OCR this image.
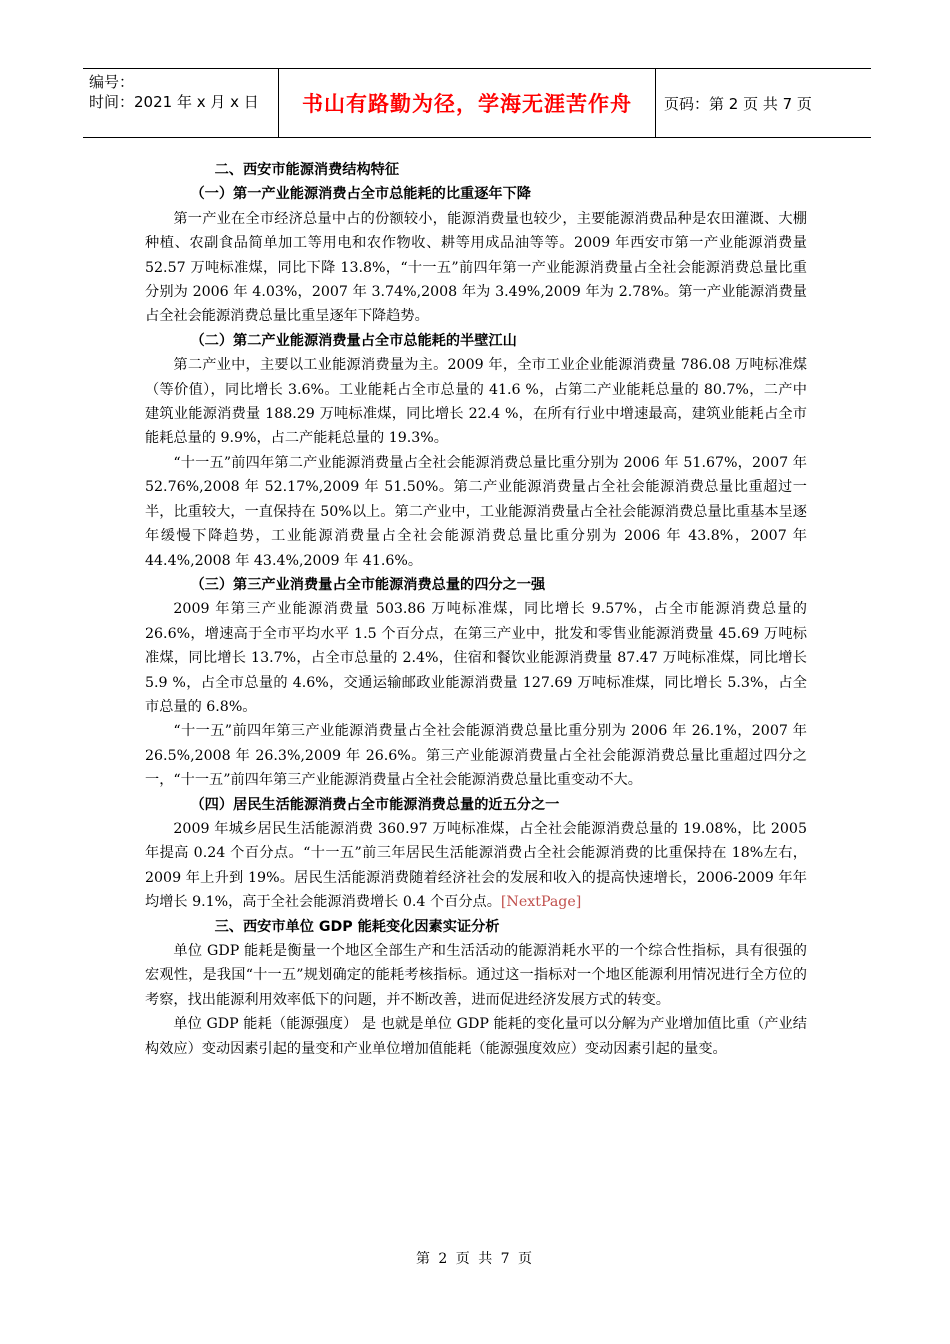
编号：
时间：2021 年 x 月 x 日	书山有路勤为径，学海无涯苦作舟	页码：第 2 页 共 7 页
二、西安市能源消费结构特征
（一）第一产业能源消费占全市总能耗的比重逐年下降

第一产业在全市经济总量中占的份额较小，能源消费量也较少，主要能源消费品种是农田灌溉、大棚种植、农副食品简单加工等用电和农作物收、耕等用成品油等等。2009 年西安市第一产业能源消费量 52.57 万吨标准煤，同比下降 13.8%，“十一五”前四年第一产业能源消费量占全社会能源消费总量比重分别为 2006 年 4.03%，2007 年 3.74%,2008 年为 3.49%,2009 年为 2.78%。第一产业能源消费量占全社会能源消费总量比重呈逐年下降趋势。

（二）第二产业能源消费量占全市总能耗的半壁江山

第二产业中，主要以工业能源消费量为主。2009 年，全市工业企业能源消费量 786.08 万吨标准煤（等价值），同比增长 3.6%。工业能耗占全市总量的 41.6 %，占第二产业能耗总量的 80.7%，二产中建筑业能源消费量 188.29 万吨标准煤，同比增长 22.4 %，在所有行业中增速最高，建筑业能耗占全市能耗总量的 9.9%，占二产能耗总量的 19.3%。

“十一五”前四年第二产业能源消费量占全社会能源消费总量比重分别为 2006 年 51.67%，2007 年 52.76%,2008 年 52.17%,2009 年 51.50%。第二产业能源消费量占全社会能源消费总量比重超过一半，比重较大，一直保持在 50%以上。第二产业中，工业能源消费量占全社会能源消费总量比重基本呈逐年缓慢下降趋势，工业能源消费量占全社会能源消费总量比重分别为 2006 年 43.8%，2007 年 44.4%,2008 年 43.4%,2009 年 41.6%。

（三）第三产业消费量占全市能源消费总量的四分之一强

2009 年第三产业能源消费量 503.86 万吨标准煤，同比增长 9.57%，占全市能源消费总量的 26.6%，增速高于全市平均水平 1.5 个百分点，在第三产业中，批发和零售业能源消费量 45.69 万吨标准煤，同比增长 13.7%，占全市总量的 2.4%，住宿和餐饮业能源消费量 87.47 万吨标准煤，同比增长 5.9 %，占全市总量的 4.6%，交通运输邮政业能源消费量 127.69 万吨标准煤，同比增长 5.3%，占全市总量的 6.8%。

“十一五”前四年第三产业能源消费量占全社会能源消费总量比重分别为 2006 年 26.1%，2007 年 26.5%,2008 年 26.3%,2009 年 26.6%。第三产业能源消费量占全社会能源消费总量比重超过四分之一，“十一五”前四年第三产业能源消费量占全社会能源消费总量比重变动不大。

（四）居民生活能源消费占全市能源消费总量的近五分之一

2009 年城乡居民生活能源消费 360.97 万吨标准煤，占全社会能源消费总量的 19.08%，比 2005 年提高 0.24 个百分点。“十一五”前三年居民生活能源消费占全社会能源消费的比重保持在 18%左右，2009 年上升到 19%。居民生活能源消费随着经济社会的发展和收入的提高快速增长，2006-2009 年年均增长 9.1%，高于全社会能源消费增长 0.4 个百分点。[NextPage]

三、西安市单位 GDP 能耗变化因素实证分析

单位 GDP 能耗是衡量一个地区全部生产和生活活动的能源消耗水平的一个综合性指标，具有很强的宏观性，是我国“十一五”规划确定的能耗考核指标。通过这一指标对一个地区能源利用情况进行全方位的考察，找出能源利用效率低下的问题，并不断改善，进而促进经济发展方式的转变。

单位 GDP 能耗（能源强度） 是 也就是单位 GDP 能耗的变化量可以分解为产业增加值比重（产业结构效应）变动因素引起的量变和产业单位增加值能耗（能源强度效应）变动因素引起的量变。

第 2 页 共 7 页
